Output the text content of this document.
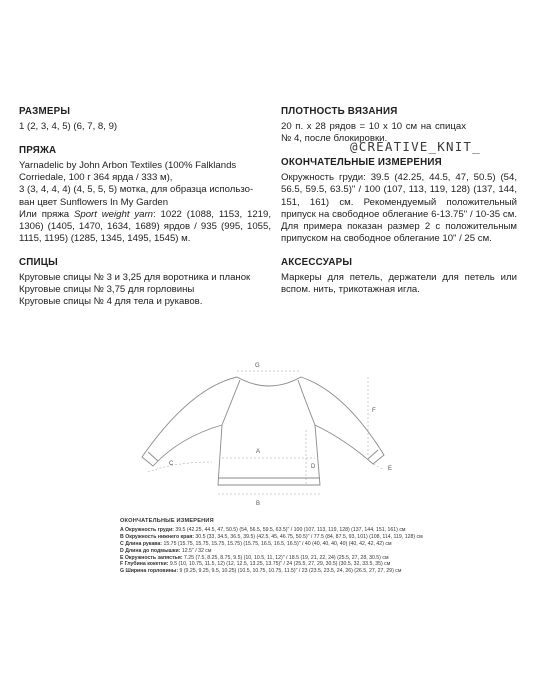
РАЗМЕРЫ
1 (2, 3, 4, 5) (6, 7, 8, 9)
ПРЯЖА
Yarnadelic by John Arbon Textiles (100% Falklands
Corriedale, 100 г 364 ярда / 333 м),
3 (3, 4, 4, 4) (4, 5, 5, 5) мотка, для образца использо-
ван цвет Sunflowers In My Garden
Или пряжа Sport weight yarn: 1022 (1088, 1153, 1219, 1306) (1405, 1470, 1634, 1689) ярдов / 935 (995, 1055, 1115, 1195) (1285, 1345, 1495, 1545) м.
СПИЦЫ
Круговые спицы № 3 и 3,25 для воротника и планок
Круговые спицы № 3,75 для горловины
Круговые спицы № 4 для тела и рукавов.
ПЛОТНОСТЬ ВЯЗАНИЯ
20 п. x 28 рядов = 10 x 10 см на спицах № 4, после блокировки.
ОКОНЧАТЕЛЬНЫЕ ИЗМЕРЕНИЯ
Окружность груди: 39.5 (42.25, 44.5, 47, 50.5) (54, 56.5, 59.5, 63.5)" / 100 (107, 113, 119, 128) (137, 144, 151, 161) см. Рекомендуемый положительный припуск на свободное облегание 6-13.75" / 10-35 см. Для примера показан размер 2 с положительным припуском на свободное облегание 10" / 25 см.
АКСЕССУАРЫ
Маркеры для петель, держатели для петель или вспом. нить, трикотажная игла.
@CREATIVE_KNIT_
G
A
B
C	D	E
F
ОКОНЧАТЕЛЬНЫЕ ИЗМЕРЕНИЯ
A Окружность груди: 39.5 (42.25, 44.5, 47, 50.5) (54, 56.5, 59.5, 63.5)" / 100 (107, 113, 119, 128) (137, 144, 151, 161) см
B Окружность нижнего края: 30.5 (33, 34.5, 36.5, 39.5) (42.5, 45, 46.75, 50.5)" / 77.5 (84, 87.5, 93, 101) (108, 114, 119, 128) см
C Длина рукава: 15.75 (15.75, 15.75, 15.75, 15.75) (15.75, 16.5, 16.5, 16.5)" / 40 (40, 40, 40, 40) (40, 42, 42, 42) см
D Длина до подмышки: 12.5" / 32 см
E Окружность запястья: 7.25 (7.5, 8.25, 8.75, 9.5) (10, 10.5, 11, 12)" / 18.5 (19, 21, 22, 24) (25.5, 27, 28, 30.5) см
F Глубина кокетки: 9.5 (10, 10.75, 11.5, 12) (12, 12.5, 13.25, 13.75)" / 24 (25.5, 27, 29, 30.5) (30.5, 32, 33.5, 35) см
G Ширина горловины: 9 (9.25, 9.25, 9.5, 10.25) (10.5, 10.75, 10.75, 11.5)" / 23 (23.5, 23.5, 24, 26) (26.5, 27, 27, 29) см
